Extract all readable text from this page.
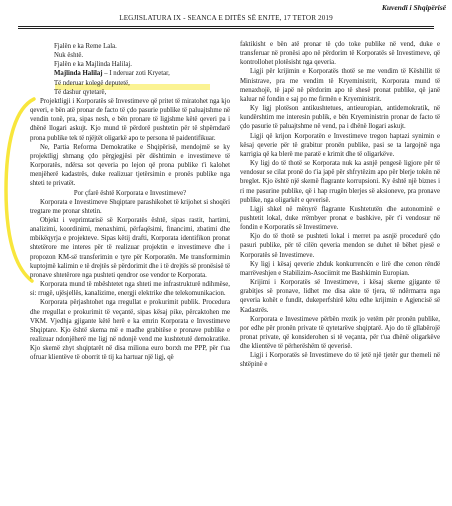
Kuvendi i Shqipërisë
LEGJISLATURA IX - SEANCA E DITËS SË ENJTE, 17 TETOR 2019

Fjalën e ka Reme Lala.

Nuk është.

Fjalën e ka Majlinda Halilaj.

Majlinda Halilaj – I nderuar zoti Kryetar,

Të nderuar kolegë deputetë,

Të dashur qytetarë,

Projektligji i Korporatës së Investimeve që pritet të miratohet nga kjo qeveri, e bën atë pronar de facto të çdo pasurie publike të paluajtshme në vendin tonë, pra, sipas nesh, e bën pronare të ligjshme këtë qeveri pa i dhënë llogari askujt. Kjo mund të përdorë pushtetin për të shpërndarë prona publike tek të njëjtët oligarkë apo te persona të paidentifikuar.

Ne, Partia Reforma Demokratike e Shqipërisë, mendojmë se ky projektligj shmang çdo përgjegjësi për dështimin e investimeve të Korporatës, ndërsa sot qeveria po lejon që prona publike t'i kalohet menjëherë kadastrës, duke realizuar tjetërsimin e pronës publike nga shteti te privatët.

Por çfarë është Korporata e Investimeve?

Korporata e Investimeve Shqiptare parashikohet të krijohet si shoqëri tregtare me pronar shtetin.

Objekt i veprimtarisë së Korporatës është, sipas rastit, hartimi, analizimi, koordinimi, menaxhimi, përfaqësimi, financimi, zbatimi dhe mbikëqyrja e projekteve. Sipas këtij drafti, Korporata identifikon pronat shtetërore me interes për të realizuar projektin e investimeve dhe i propozon KM-së transferimin e tyre për Korporatën. Me transformimin kuptojmë kalimin e të drejtës së përdorimit dhe i të drejtës së pronësisë të pronave shtetërore nga pushteti qendror ose vendor te Korporata.

Korporata mund të mbështetet nga shteti me infrastrukturë ndihmëse, si: rrugë, ujësjellës, kanalizime, energji elektrike dhe telekomunikacion.

Korporata përjashtohet nga rregullat e prokurimit publik. Procedura dhe rregullat e prokurimit të veçantë, sipas kësaj pike, përcaktohen me VKM. Vjedhja gjigante këtë herë e ka emrin Korporata e Investimeve Shqiptare. Kjo është skema më e madhe grabitëse e pronave publike e realizuar ndonjëherë me ligj në ndonjë vend me kushtetutë demokratike. Kjo skemë zhyt shqiptarët në disa miliona euro borxh me PPP, për t'ua ofruar klientëve të oborrit të tij ka hartuar një ligj, që

faktikisht e bën atë pronar të çdo toke publike në vend, duke e transferuar në pronësi apo në përdorim të Korporatës së Investimeve, që kontrollohet plotësisht nga qeveria.

Ligji për krijimin e Korporatës thotë se me vendim të Këshillit të Ministrave, pra me vendim të Kryeministrit, Korporata mund të menaxhojë, të japë në përdorim apo të shesë pronat publike, që janë kaluar në fondin e saj po me firmën e Kryeministrit.

Ky ligj plotëson antikushtetues, antieuropian, antidemokratik, në kundërshtim me interesin publik, e bën Kryeministrin pronar de facto të çdo pasurie të paluajtshme në vend, pa i dhënë llogari askujt.

Ligji që krijon Korporatën e Investimeve tregon haptazi synimin e kësaj qeverie për të grabitur pronën publike, pasi se ta largojnë nga karrigia që ka blerë me paratë e krimit dhe të oligarkëve.

Ky ligj do të thotë se Korporata nuk ka asnjë pengesë ligjore për të vendosur se cilat pronë do t'ia japë për shfrytëzim apo për blerje tokën në breglet. Kjo është një skemë flagrante korrupsioni. Ky është një biznes i ri me pasurine publike, që i hap rrugën blerjes së aksioneve, pra pronave publike, nga oligarkët e qeverisë.

Ligji shkel në mënyrë flagrante Kushtetutën dhe autonominë e pushtetit lokal, duke rrëmbyer pronat e bashkive, për t'i vendosur në fondin e Korporatës së Investimeve.

Kjo do të thotë se pushteti lokal i merret pa asnjë procedurë çdo pasuri publike, për të cilën qeveria mendon se duhet të bëhet pjesë e Korporatës së Investimeve.

Ky ligj i kësaj qeverie zhduk konkurrencën e lirë dhe cenon rëndë marrëveshjen e Stabilizim-Asociimit me Bashkimin Europian.

Krijimi i Korporatës së Investimeve, i kësaj skeme gjigante të grabitjes së pronave, lidhet me disa akte të tjera, të ndërmarra nga qeveria kohët e fundit, dukeperfshirë këtu edhe krijimin e Agjencisë së Kadastrës.

Korporata e Investimeve përbën rrezik jo vetëm për pronën publike, por edhe për pronën private të qytetarëve shqiptarë. Ajo do të gllabërojë pronat private, që konsiderohen si të veçanta, për t'ua dhënë oligarkëve dhe klientëve të përherëshëm të qeverisë.

Ligji i Korporatës së Investimeve do të jetë një tjetër gur themeli në shtëpinë e
